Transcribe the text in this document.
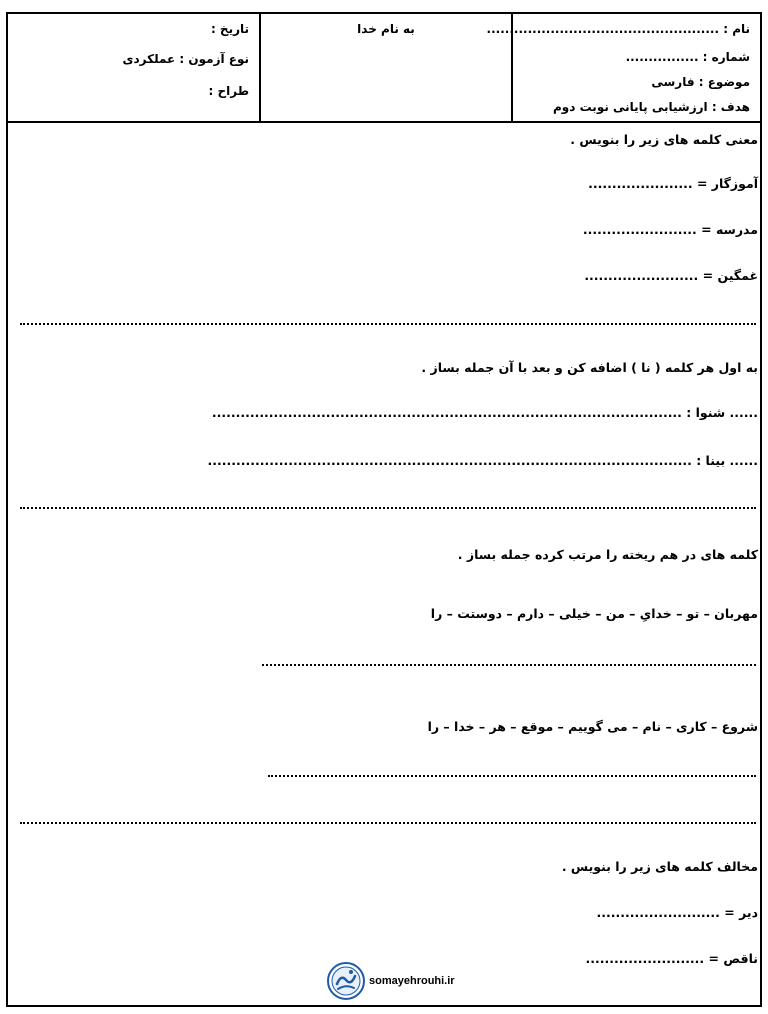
تاریخ :
نوع آزمون : عملکردی
طراح :
به نام خدا	نام : ...................................................
شماره : ................
موضوع : فارسی
هدف : ارزشیابی پایانی نوبت دوم
معنی کلمه های زیر را بنویس .
آموزگار = ......................
مدرسه = ........................
غمگین = ........................
به اول هر کلمه ( نا ) اضافه کن و بعد با آن جمله بساز .
...... شنوا : ...................................................................................................
...... بینا : ......................................................................................................
کلمه های در هم ریخته را مرتب کرده جمله بساز .
مهربان – تو – خدایِ – من – خیلی – دارم – دوستت – را
شروع – کاری – نام – می گوییم – موقع – هر – خدا – را
مخالف کلمه های زیر را بنویس .
دیر = ..........................
ناقص = .........................
somayehrouhi.ir
